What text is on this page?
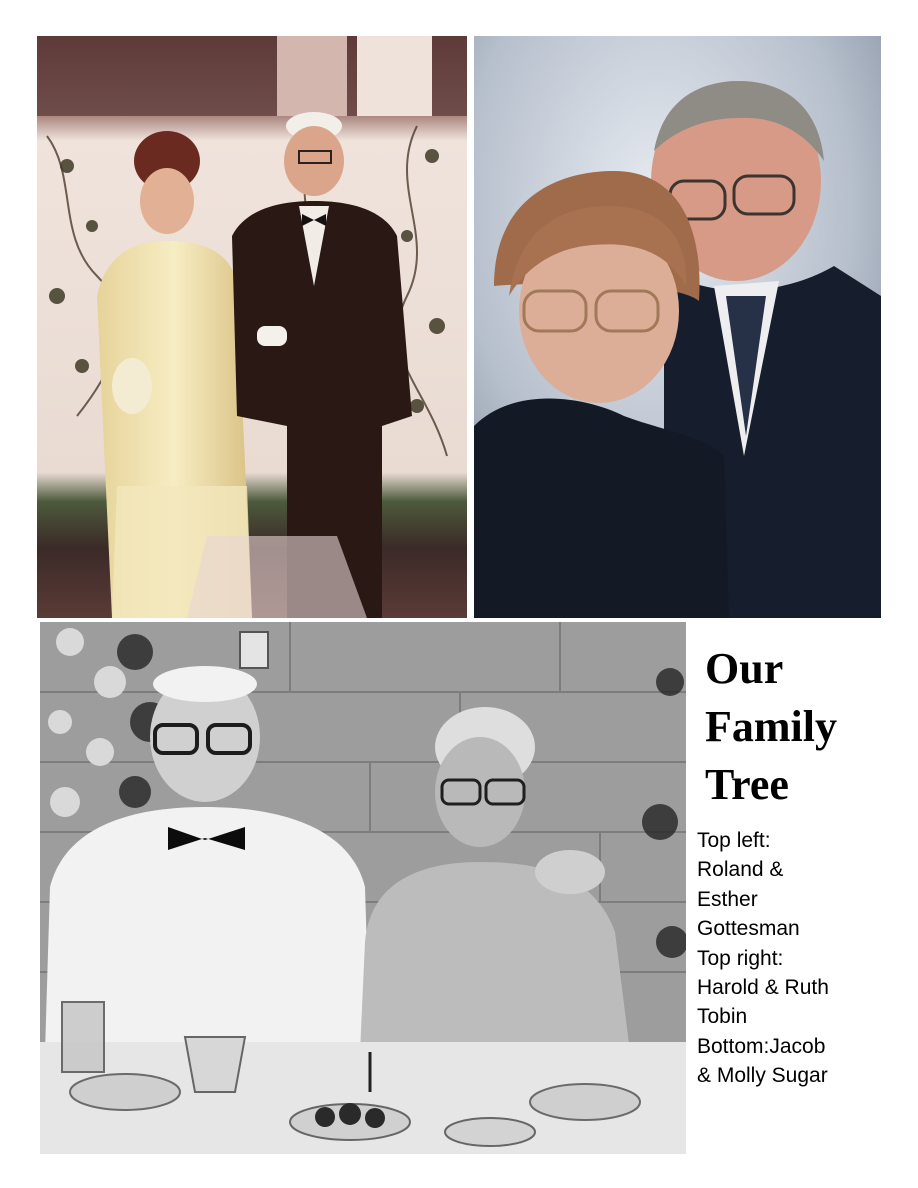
Our
Family
Tree
Top left:
Roland &
Esther
Gottesman
Top right:
Harold & Ruth
Tobin
Bottom:Jacob
& Molly Sugar
